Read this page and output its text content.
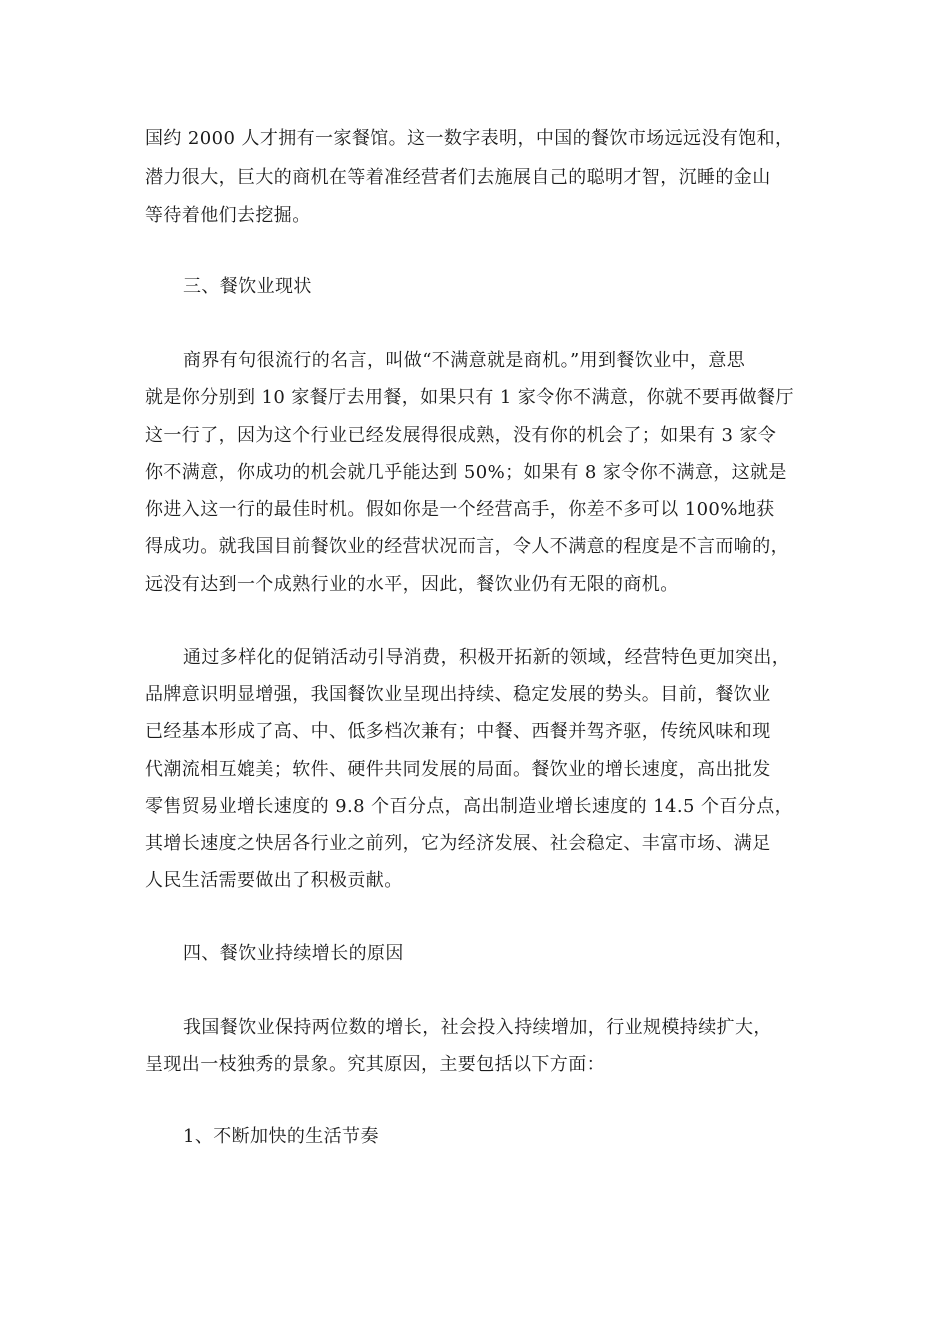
国约 2000 人才拥有一家餐馆。这一数字表明，中国的餐饮市场远远没有饱和，
潜力很大，巨大的商机在等着准经营者们去施展自己的聪明才智，沉睡的金山
等待着他们去挖掘。
三、餐饮业现状
商界有句很流行的名言，叫做“不满意就是商机。”用到餐饮业中，意思
就是你分别到 10 家餐厅去用餐，如果只有 1 家令你不满意，你就不要再做餐厅
这一行了，因为这个行业已经发展得很成熟，没有你的机会了；如果有 3 家令
你不满意，你成功的机会就几乎能达到 50%；如果有 8 家令你不满意，这就是
你进入这一行的最佳时机。假如你是一个经营高手，你差不多可以 100%地获
得成功。就我国目前餐饮业的经营状况而言，令人不满意的程度是不言而喻的，
远没有达到一个成熟行业的水平，因此，餐饮业仍有无限的商机。
通过多样化的促销活动引导消费，积极开拓新的领域，经营特色更加突出，
品牌意识明显增强，我国餐饮业呈现出持续、稳定发展的势头。目前，餐饮业
已经基本形成了高、中、低多档次兼有；中餐、西餐并驾齐驱，传统风味和现
代潮流相互媲美；软件、硬件共同发展的局面。餐饮业的增长速度，高出批发
零售贸易业增长速度的 9.8 个百分点，高出制造业增长速度的 14.5 个百分点，
其增长速度之快居各行业之前列，它为经济发展、社会稳定、丰富市场、满足
人民生活需要做出了积极贡献。
四、餐饮业持续增长的原因
我国餐饮业保持两位数的增长，社会投入持续增加，行业规模持续扩大，
呈现出一枝独秀的景象。究其原因，主要包括以下方面：
1、不断加快的生活节奏
